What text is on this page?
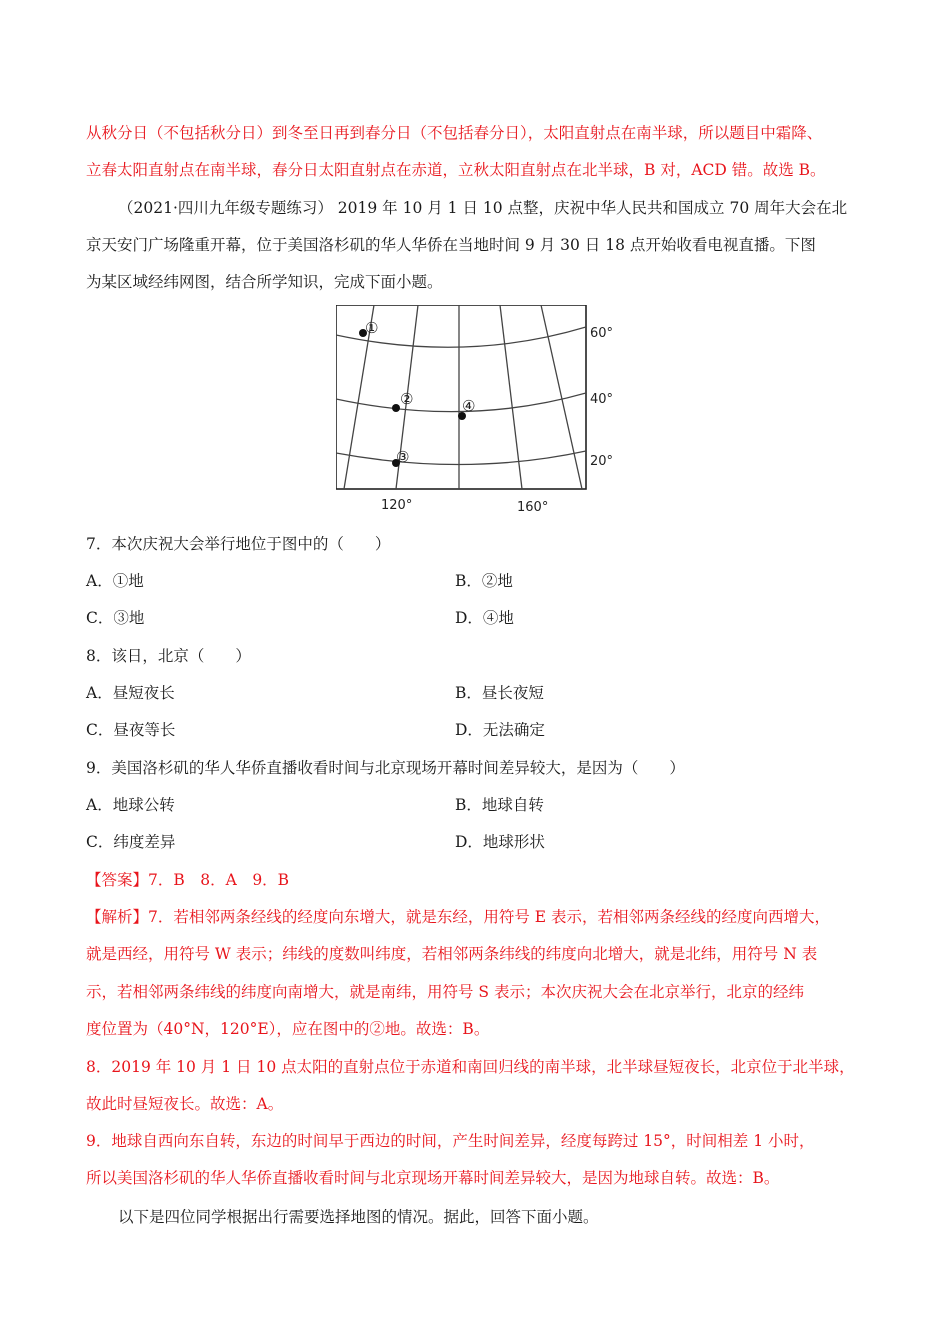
从秋分日（不包括秋分日）到冬至日再到春分日（不包括春分日），太阳直射点在南半球，所以题目中霜降、
立春太阳直射点在南半球，春分日太阳直射点在赤道，立秋太阳直射点在北半球，B 对，ACD 错。故选 B。
（2021·四川九年级专题练习） 2019 年 10 月 1 日 10 点整，庆祝中华人民共和国成立 70 周年大会在北
京天安门广场隆重开幕，位于美国洛杉矶的华人华侨在当地时间 9 月 30 日 18 点开始收看电视直播。下图
为某区域经纬网图，结合所学知识，完成下面小题。
①
②	④
③
60°
40°
20°
120°	160°
7．本次庆祝大会举行地位于图中的（　　）
A．①地	B．②地
C．③地	D．④地
8．该日，北京（　　）
A．昼短夜长	B．昼长夜短
C．昼夜等长	D．无法确定
9．美国洛杉矶的华人华侨直播收看时间与北京现场开幕时间差异较大，是因为（　　）
A．地球公转	B．地球自转
C．纬度差异	D．地球形状
【答案】7．B　8．A　9．B
【解析】7．若相邻两条经线的经度向东增大，就是东经，用符号 E 表示，若相邻两条经线的经度向西增大，
就是西经，用符号 W 表示；纬线的度数叫纬度，若相邻两条纬线的纬度向北增大，就是北纬，用符号 N 表
示，若相邻两条纬线的纬度向南增大，就是南纬，用符号 S 表示；本次庆祝大会在北京举行，北京的经纬
度位置为（40°N，120°E），应在图中的②地。故选：B。
8．2019 年 10 月 1 日 10 点太阳的直射点位于赤道和南回归线的南半球，北半球昼短夜长，北京位于北半球，
故此时昼短夜长。故选：A。
9．地球自西向东自转，东边的时间早于西边的时间，产生时间差异，经度每跨过 15°，时间相差 1 小时，
所以美国洛杉矶的华人华侨直播收看时间与北京现场开幕时间差异较大，是因为地球自转。故选：B。
以下是四位同学根据出行需要选择地图的情况。据此，回答下面小题。
